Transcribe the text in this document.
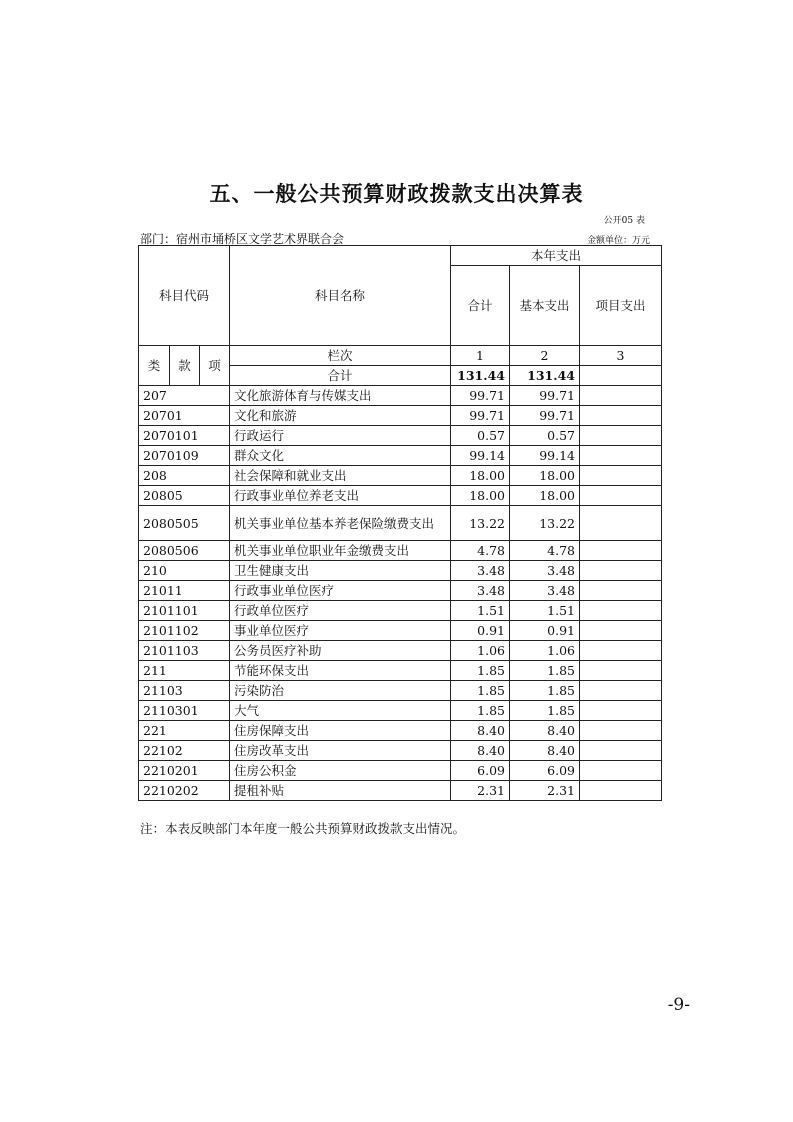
五、一般公共预算财政拨款支出决算表
公开05 表
部门：宿州市埇桥区文学艺术界联合会	金额单位：万元
科目代码			科目名称	本年支出		
				合计	基本支出	项目支出
类	款	项	栏次	1	2	3
			合计	131.44	131.44	
207			文化旅游体育与传媒支出	99.71	99.71	
20701			文化和旅游	99.71	99.71	
2070101			行政运行	0.57	0.57	
2070109			群众文化	99.14	99.14	
208			社会保障和就业支出	18.00	18.00	
20805			行政事业单位养老支出	18.00	18.00	
2080505			机关事业单位基本养老保险缴费支出	13.22	13.22	
2080506			机关事业单位职业年金缴费支出	4.78	4.78	
210			卫生健康支出	3.48	3.48	
21011			行政事业单位医疗	3.48	3.48	
2101101			行政单位医疗	1.51	1.51	
2101102			事业单位医疗	0.91	0.91	
2101103			公务员医疗补助	1.06	1.06	
211			节能环保支出	1.85	1.85	
21103			污染防治	1.85	1.85	
2110301			大气	1.85	1.85	
221			住房保障支出	8.40	8.40	
22102			住房改革支出	8.40	8.40	
2210201			住房公积金	6.09	6.09	
2210202			提租补贴	2.31	2.31	
注：本表反映部门本年度一般公共预算财政拨款支出情况。
-9-
